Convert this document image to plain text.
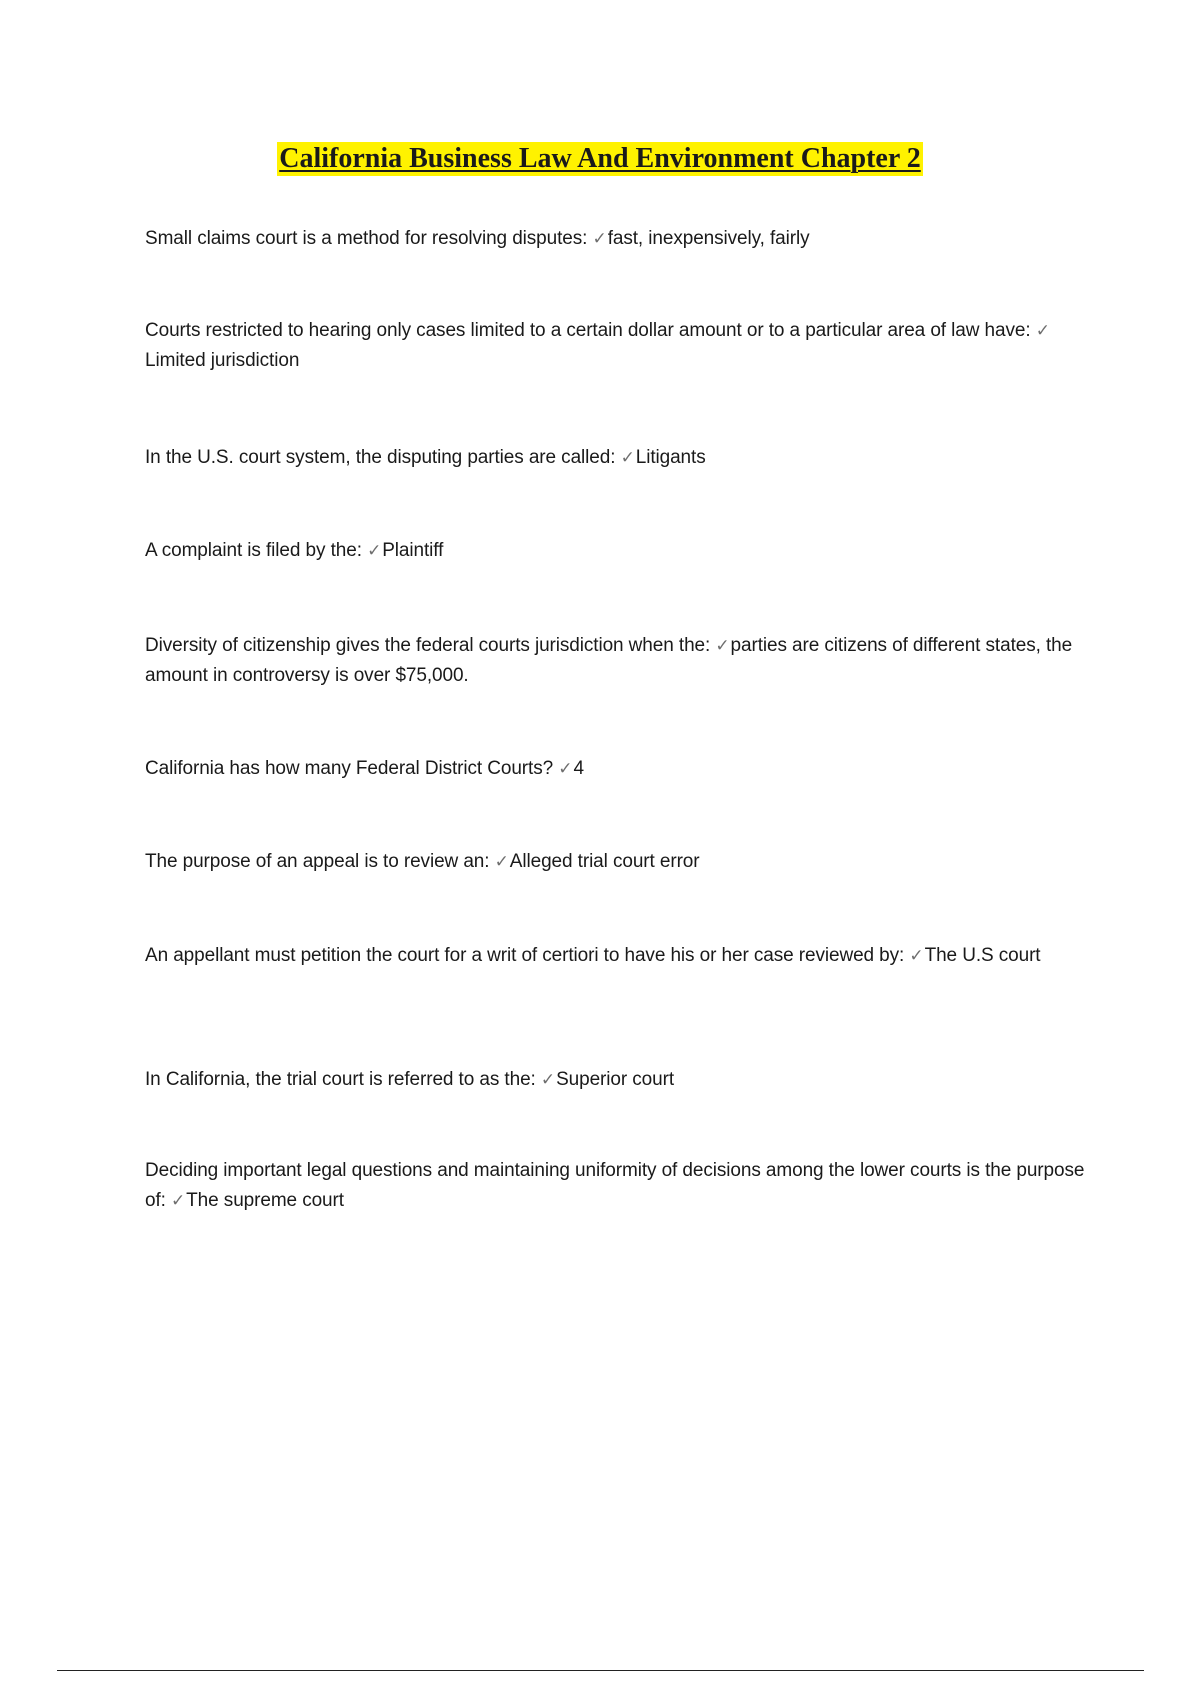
California Business Law And Environment Chapter 2

Small claims court is a method for resolving disputes: ✓fast, inexpensively, fairly

Courts restricted to hearing only cases limited to a certain dollar amount or to a particular area of law have: ✓Limited jurisdiction

In the U.S. court system, the disputing parties are called: ✓Litigants

A complaint is filed by the: ✓Plaintiff

Diversity of citizenship gives the federal courts jurisdiction when the: ✓parties are citizens of different states, the amount in controversy is over $75,000.

California has how many Federal District Courts? ✓4

The purpose of an appeal is to review an: ✓Alleged trial court error

An appellant must petition the court for a writ of certiori to have his or her case reviewed by: ✓The U.S court

In California, the trial court is referred to as the: ✓Superior court

Deciding important legal questions and maintaining uniformity of decisions among the lower courts is the purpose of: ✓The supreme court
